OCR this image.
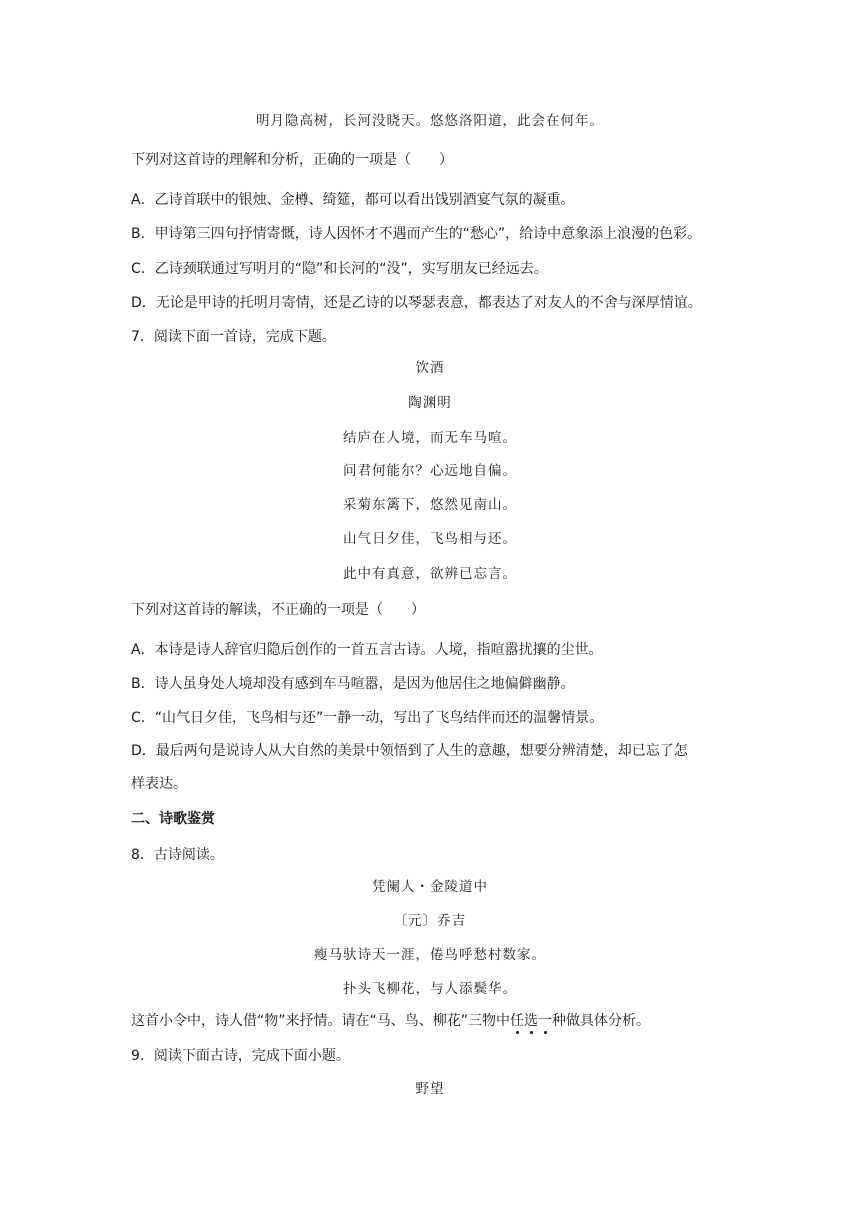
明月隐高树，长河没晓天。悠悠洛阳道，此会在何年。
下列对这首诗的理解和分析，正确的一项是（　　）
A．乙诗首联中的银烛、金樽、绮筵，都可以看出饯别酒宴气氛的凝重。
B．甲诗第三四句抒情寄慨，诗人因怀才不遇而产生的“愁心”，给诗中意象添上浪漫的色彩。
C．乙诗颈联通过写明月的“隐”和长河的“没”，实写朋友已经远去。
D．无论是甲诗的托明月寄情，还是乙诗的以琴瑟表意，都表达了对友人的不舍与深厚情谊。
7．阅读下面一首诗，完成下题。
饮酒
陶渊明
结庐在人境，而无车马喧。
问君何能尔？心远地自偏。
采菊东篱下，悠然见南山。
山气日夕佳，飞鸟相与还。
此中有真意，欲辨已忘言。
下列对这首诗的解读，不正确的一项是（　　）
A．本诗是诗人辞官归隐后创作的一首五言古诗。人境，指喧嚣扰攘的尘世。
B．诗人虽身处人境却没有感到车马喧嚣，是因为他居住之地偏僻幽静。
C．“山气日夕佳，飞鸟相与还”一静一动，写出了飞鸟结伴而还的温馨情景。
D．最后两句是说诗人从大自然的美景中领悟到了人生的意趣，想要分辨清楚，却已忘了怎
样表达。
二、诗歌鉴赏
8．古诗阅读。
凭阑人・金陵道中
〔元〕乔吉
瘦马驮诗天一涯，倦鸟呼愁村数家。
扑头飞柳花，与人添鬓华。
这首小令中，诗人借“物”来抒情。请在“马、鸟、柳花”三物中任选一种做具体分析。
9．阅读下面古诗，完成下面小题。
野望
